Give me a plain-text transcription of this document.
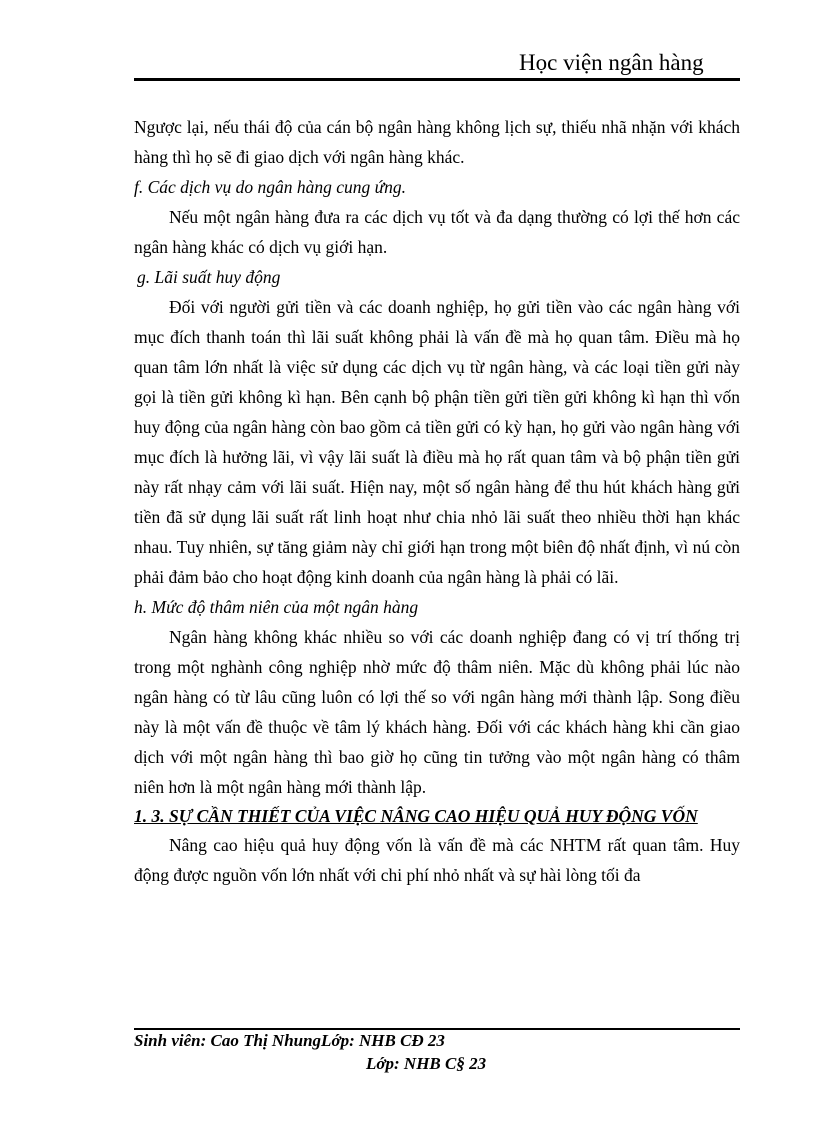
Học viện ngân hàng

Ngược lại, nếu thái độ của cán bộ ngân hàng không lịch sự, thiếu nhã nhặn với khách hàng thì họ sẽ đi giao dịch với ngân hàng khác.

f. Các dịch vụ do ngân hàng cung ứng.

Nếu một ngân hàng đưa ra các dịch vụ tốt và đa dạng thường có lợi thế hơn các ngân hàng khác có dịch vụ giới hạn.

g. Lãi suất huy động

Đối với người gửi tiền và các doanh nghiệp, họ gửi tiền vào các ngân hàng với mục đích thanh toán thì lãi suất không phải là vấn đề mà họ quan tâm. Điều mà họ quan tâm lớn nhất là việc sử dụng các dịch vụ từ ngân hàng, và các loại tiền gửi này gọi là tiền gửi không kì hạn. Bên cạnh bộ phận tiền gửi tiền gửi không kì hạn thì vốn huy động của ngân hàng còn bao gồm cả tiền gửi có kỳ hạn, họ gửi vào ngân hàng với mục đích là hưởng lãi, vì vậy lãi suất là điều mà họ rất quan tâm và bộ phận tiền gửi này rất nhạy cảm với lãi suất. Hiện nay, một số ngân hàng để thu hút khách hàng gửi tiền đã sử dụng lãi suất rất linh hoạt như chia nhỏ lãi suất theo nhiều thời hạn khác nhau. Tuy nhiên, sự tăng giảm này chỉ giới hạn trong một biên độ nhất định, vì nú còn phải đảm bảo cho hoạt động kinh doanh của ngân hàng là phải có lãi.

h. Mức độ thâm niên của một ngân hàng

Ngân hàng không khác nhiều so với các doanh nghiệp đang có vị trí thống trị trong một nghành công nghiệp nhờ mức độ thâm niên. Mặc dù không phải lúc nào ngân hàng có từ lâu cũng luôn có lợi thế so với ngân hàng mới thành lập. Song điều này là một vấn đề thuộc về tâm lý khách hàng. Đối với các khách hàng khi cần giao dịch với một ngân hàng thì bao giờ họ cũng tin tưởng vào một ngân hàng có thâm niên hơn là một ngân hàng mới thành lập.

1. 3. SỰ CẦN THIẾT CỦA VIỆC NÂNG CAO HIỆU QUẢ HUY ĐỘNG VỐN

Nâng cao hiệu quả huy động vốn là vấn đề mà các NHTM rất quan tâm. Huy động được nguồn vốn lớn nhất với chi phí nhỏ nhất và sự hài lòng tối đa

Sinh viên: Cao Thị NhungLớp: NHB CĐ 23
Lớp: NHB C§ 23
